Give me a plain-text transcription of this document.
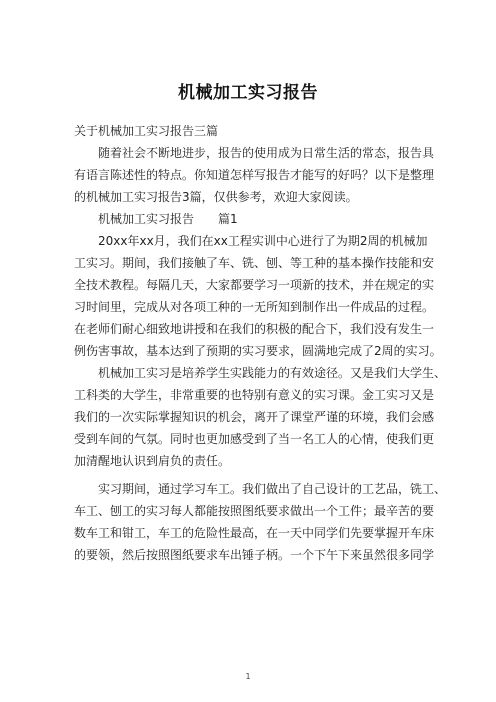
机械加工实习报告
关于机械加工实习报告三篇
随着社会不断地进步，报告的使用成为日常生活的常态，报告具
有语言陈述性的特点。你知道怎样写报告才能写的好吗？以下是整理
的机械加工实习报告3篇，仅供参考，欢迎大家阅读。
机械加工实习报告 篇1
20xx年xx月，我们在xx工程实训中心进行了为期2周的机械加
工实习。期间，我们接触了车、铣、刨、等工种的基本操作技能和安
全技术教程。每隔几天，大家都要学习一项新的技术，并在规定的实
习时间里，完成从对各项工种的一无所知到制作出一件成品的过程。
在老师们耐心细致地讲授和在我们的积极的配合下，我们没有发生一
例伤害事故，基本达到了预期的实习要求，圆满地完成了2周的实习。
机械加工实习是培养学生实践能力的有效途径。又是我们大学生、
工科类的大学生，非常重要的也特别有意义的实习课。金工实习又是
我们的一次实际掌握知识的机会，离开了课堂严谨的环境，我们会感
受到车间的气氛。同时也更加感受到了当一名工人的心情，使我们更
加清醒地认识到肩负的责任。
实习期间，通过学习车工。我们做出了自己设计的工艺品，铣工、
车工、刨工的实习每人都能按照图纸要求做出一个工件；最辛苦的要
数车工和钳工，车工的危险性最高，在一天中同学们先要掌握开车床
的要领，然后按照图纸要求车出锤子柄。一个下午下来虽然很多同学
1
